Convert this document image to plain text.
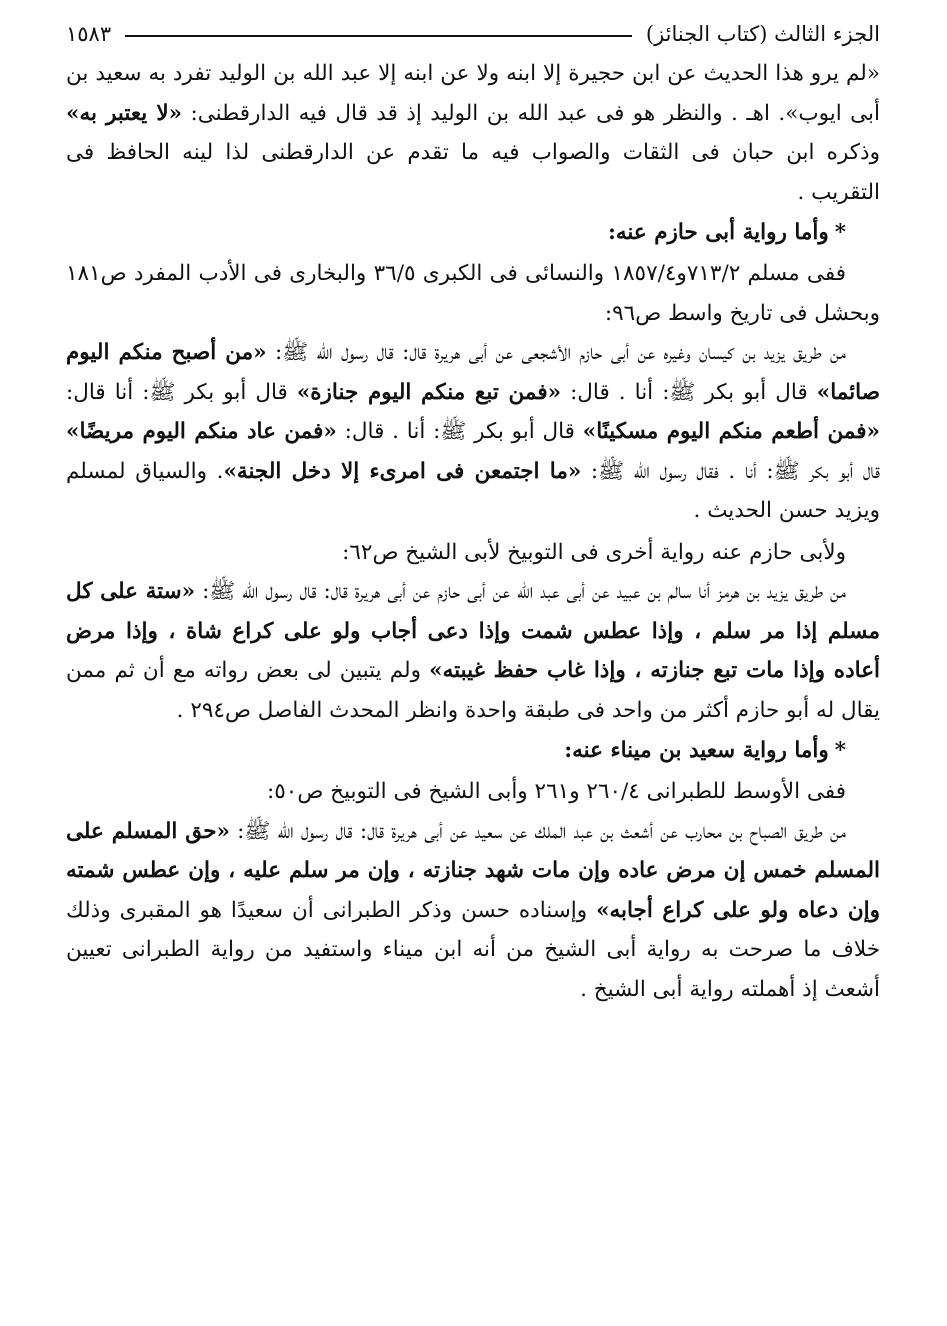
الجزء الثالث (كتاب الجنائز)
١٥٨٣

«لم يرو هذا الحديث عن ابن حجيرة إلا ابنه ولا عن ابنه إلا عبد الله بن الوليد تفرد به سعيد بن أبى ايوب». اهـ . والنظر هو فى عبد الله بن الوليد إذ قد قال فيه الدارقطنى: «لا يعتبر به» وذكره ابن حبان فى الثقات والصواب فيه ما تقدم عن الدارقطنى لذا لينه الحافظ فى التقريب .

*وأما رواية أبى حازم عنه:

ففى مسلم ٧١٣/٢و١٨٥٧/٤ والنسائى فى الكبرى ٣٦/٥ والبخارى فى الأدب المفرد ص١٨١ وبحشل فى تاريخ واسط ص٩٦:

من طريق يزيد بن كيسان وغيره عن أبى حازم الأشجعى عن أبى هريرة قال: قال رسول الله ﷺ: «من أصبح منكم اليوم صائما» قال أبو بكر ﷺ: أنا . قال: «فمن تبع منكم اليوم جنازة» قال أبو بكر ﷺ: أنا قال: «فمن أطعم منكم اليوم مسكينًا» قال أبو بكر ﷺ: أنا . قال: «فمن عاد منكم اليوم مريضًا» قال أبو بكر ﷺ: أنا . فقال رسول الله ﷺ: «ما اجتمعن فى امرىء إلا دخل الجنة». والسياق لمسلم ويزيد حسن الحديث .

ولأبى حازم عنه رواية أخرى فى التوبيخ لأبى الشيخ ص٦٢:

من طريق يزيد بن هرمز أنا سالم بن عبيد عن أبى عبد الله عن أبى حازم عن أبى هريرة قال: قال رسول الله ﷺ: «ستة على كل مسلم إذا مر سلم ، وإذا عطس شمت وإذا دعى أجاب ولو على كراع شاة ، وإذا مرض أعاده وإذا مات تبع جنازته ، وإذا غاب حفظ غيبته» ولم يتبين لى بعض رواته مع أن ثم ممن يقال له أبو حازم أكثر من واحد فى طبقة واحدة وانظر المحدث الفاصل ص٢٩٤ .

*وأما رواية سعيد بن ميناء عنه:

ففى الأوسط للطبرانى ٢٦٠/٤ و٢٦١ وأبى الشيخ فى التوبيخ ص٥٠:

من طريق الصباح بن محارب عن أشعث بن عبد الملك عن سعيد عن أبى هريرة قال: قال رسول الله ﷺ: «حق المسلم على المسلم خمس إن مرض عاده وإن مات شهد جنازته ، وإن مر سلم عليه ، وإن عطس شمته وإن دعاه ولو على كراع أجابه» وإسناده حسن وذكر الطبرانى أن سعيدًا هو المقبرى وذلك خلاف ما صرحت به رواية أبى الشيخ من أنه ابن ميناء واستفيد من رواية الطبرانى تعيين أشعث إذ أهملته رواية أبى الشيخ .
